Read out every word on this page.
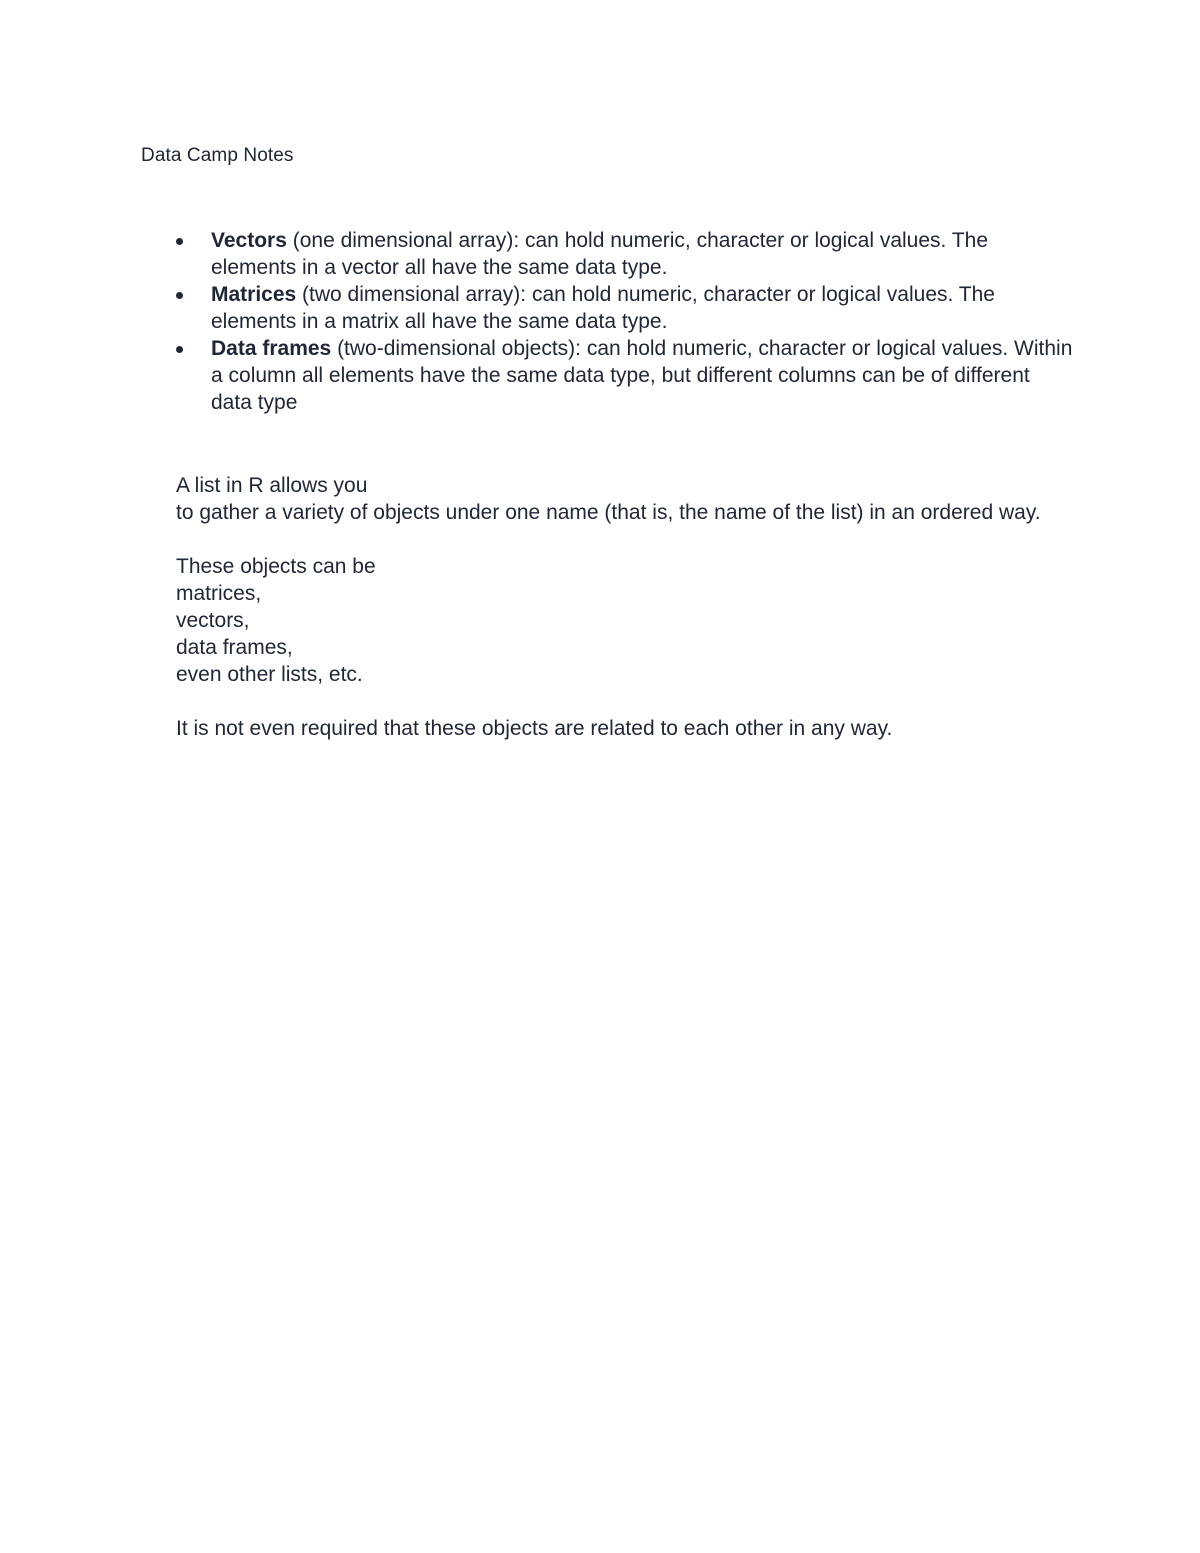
Data Camp Notes
Vectors (one dimensional array): can hold numeric, character or logical values. The elements in a vector all have the same data type.
Matrices (two dimensional array): can hold numeric, character or logical values. The elements in a matrix all have the same data type.
Data frames (two-dimensional objects): can hold numeric, character or logical values. Within a column all elements have the same data type, but different columns can be of different data type

A list in R allows you

to gather a variety of objects under one name (that is, the name of the list) in an ordered way.

These objects can be

matrices,

vectors,

data frames,

even other lists, etc.

It is not even required that these objects are related to each other in any way.
